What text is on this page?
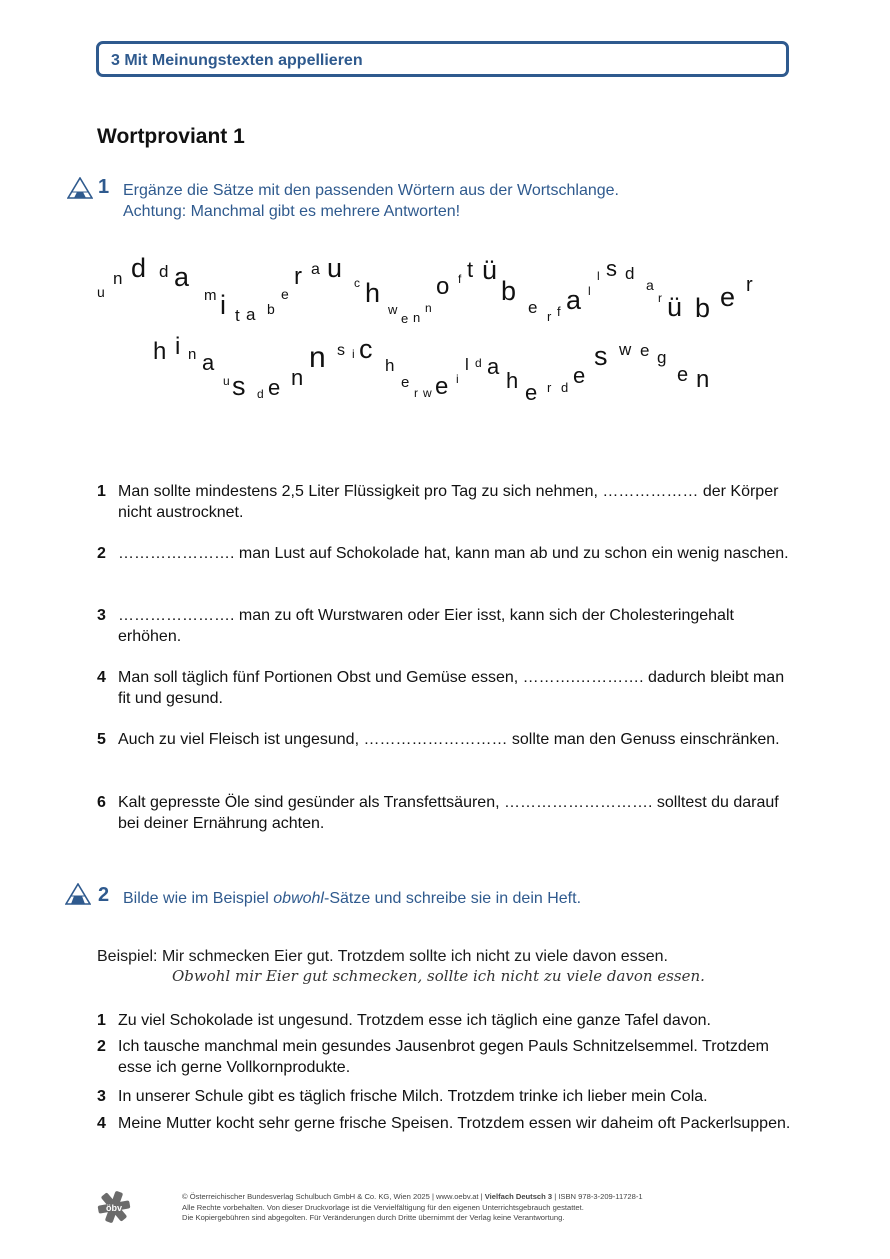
3 Mit Meinungstexten appellieren
Wortproviant 1
1 Ergänze die Sätze mit den passenden Wörtern aus der Wortschlange.
Achtung: Manchmal gibt es mehrere Antworten!
u
n d d a
m i t a b
e
r a u c h
w
e n
n
o f t ü
b
e r f a l
l s d
a
r ü b e r
h i n a
u s d e n
n s i c
h
e
r w e i
l d a
h e r d e
s w e g
e n
1 Man sollte mindestens 2,5 Liter Flüssigkeit pro Tag zu sich nehmen, ……………… der Körper nicht austrocknet.
2 …………………. man Lust auf Schokolade hat, kann man ab und zu schon ein wenig naschen.
3 …………………. man zu oft Wurstwaren oder Eier isst, kann sich der Cholesteringehalt erhöhen.
4 Man soll täglich fünf Portionen Obst und Gemüse essen, ……….…………. dadurch bleibt man fit und gesund.
5 Auch zu viel Fleisch ist ungesund, ……………………… sollte man den Genuss einschränken.
6 Kalt gepresste Öle sind gesünder als Transfettsäuren, ………………………. solltest du darauf bei deiner Ernährung achten.
2 Bilde wie im Beispiel obwohl-Sätze und schreibe sie in dein Heft.
Beispiel: Mir schmecken Eier gut. Trotzdem sollte ich nicht zu viele davon essen.
Obwohl mir Eier gut schmecken, sollte ich nicht zu viele davon essen.
1 Zu viel Schokolade ist ungesund. Trotzdem esse ich täglich eine ganze Tafel davon.
2 Ich tausche manchmal mein gesundes Jausenbrot gegen Pauls Schnitzelsemmel. Trotzdem esse ich gerne Vollkornprodukte.
3 In unserer Schule gibt es täglich frische Milch. Trotzdem trinke ich lieber mein Cola.
4 Meine Mutter kocht sehr gerne frische Speisen. Trotzdem essen wir daheim oft Packerlsuppen.
öbv
© Österreichischer Bundesverlag Schulbuch GmbH & Co. KG, Wien 2025 | www.oebv.at | Vielfach Deutsch 3 | ISBN 978-3-209-11728-1
Alle Rechte vorbehalten. Von dieser Druckvorlage ist die Vervielfältigung für den eigenen Unterrichtsgebrauch gestattet.
Die Kopiergebühren sind abgegolten. Für Veränderungen durch Dritte übernimmt der Verlag keine Verantwortung.
